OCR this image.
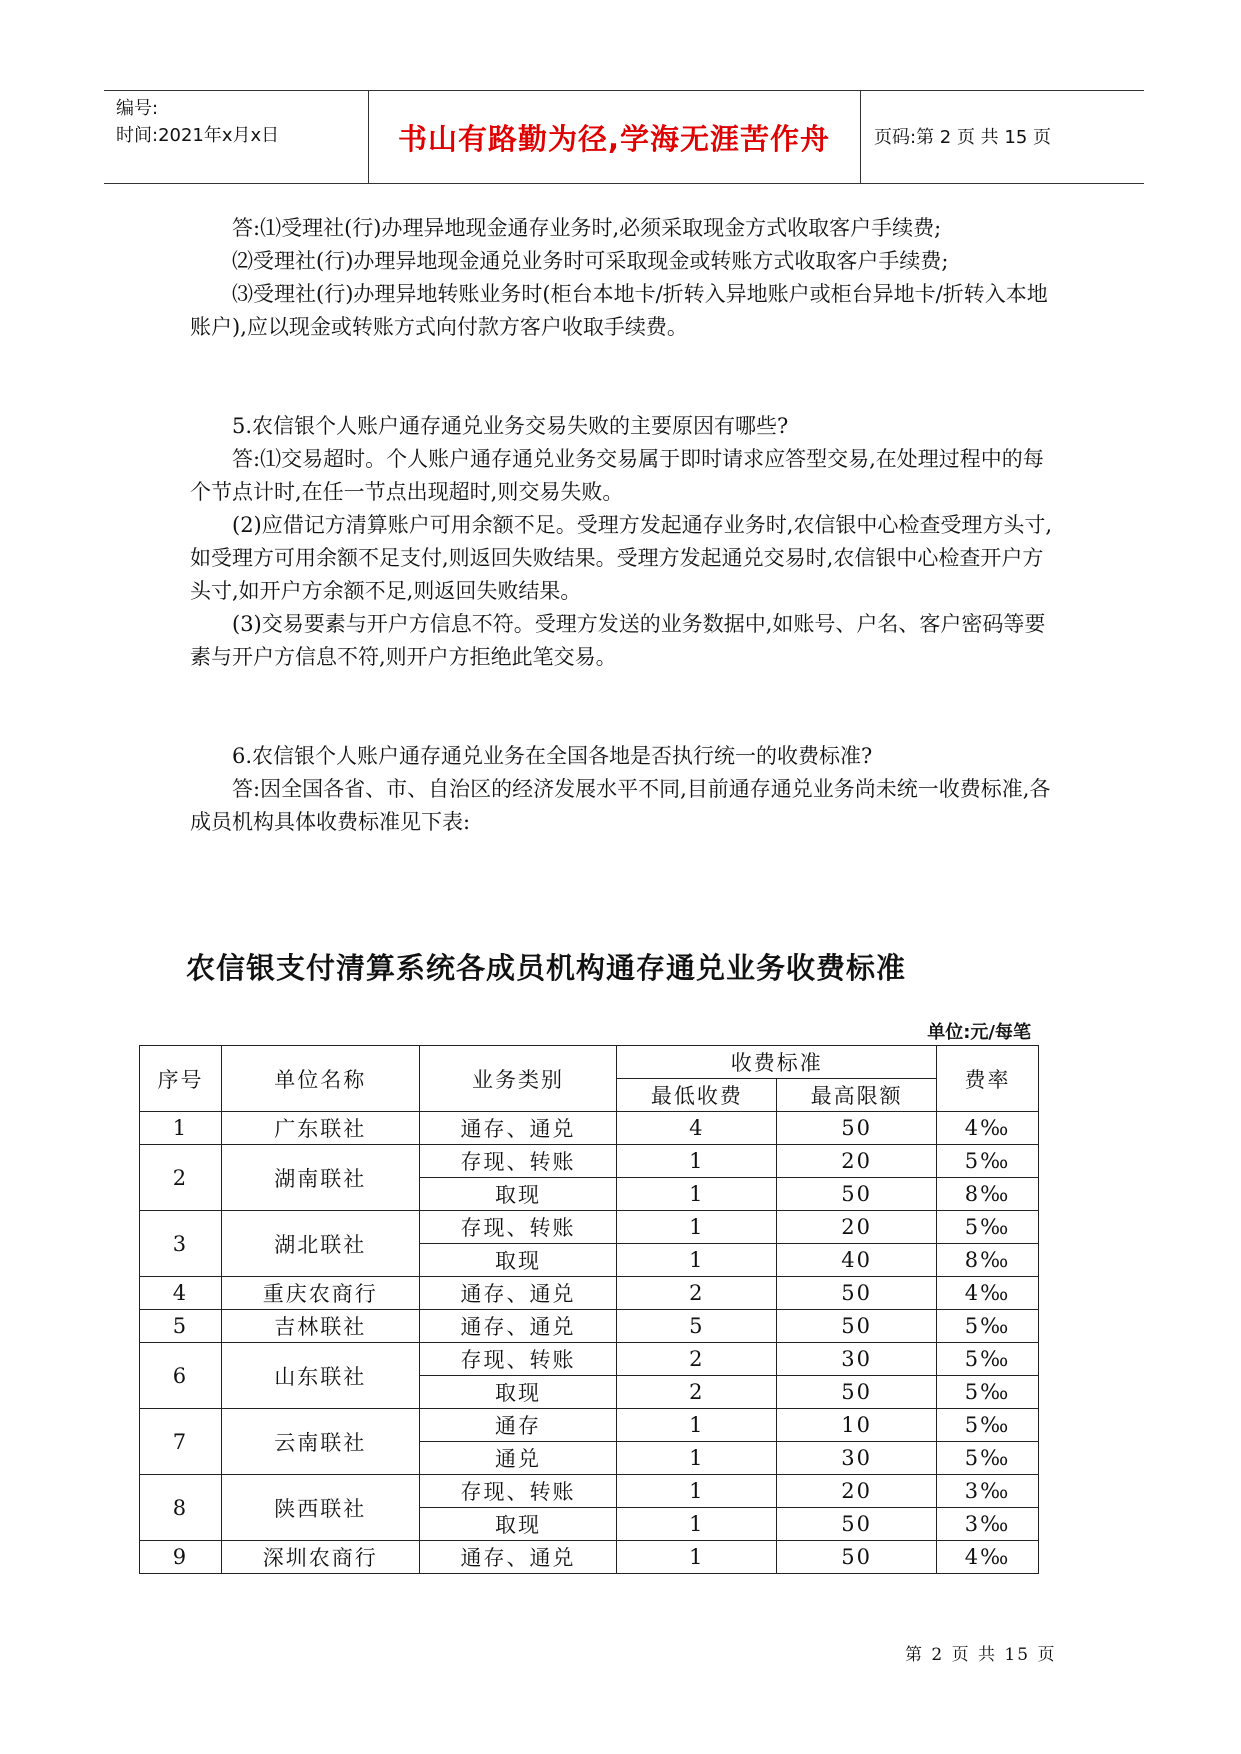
编号:
时间:2021年x月x日	书山有路勤为径,学海无涯苦作舟	页码:第 2 页 共 15 页

答:⑴受理社(行)办理异地现金通存业务时,必须采取现金方式收取客户手续费;

⑵受理社(行)办理异地现金通兑业务时可采取现金或转账方式收取客户手续费;

⑶受理社(行)办理异地转账业务时(柜台本地卡/折转入异地账户或柜台异地卡/折转入本地账户),应以现金或转账方式向付款方客户收取手续费。

5.农信银个人账户通存通兑业务交易失败的主要原因有哪些?

答:⑴交易超时。个人账户通存通兑业务交易属于即时请求应答型交易,在处理过程中的每个节点计时,在任一节点出现超时,则交易失败。

(2)应借记方清算账户可用余额不足。受理方发起通存业务时,农信银中心检查受理方头寸,如受理方可用余额不足支付,则返回失败结果。受理方发起通兑交易时,农信银中心检查开户方头寸,如开户方余额不足,则返回失败结果。

(3)交易要素与开户方信息不符。受理方发送的业务数据中,如账号、户名、客户密码等要素与开户方信息不符,则开户方拒绝此笔交易。

6.农信银个人账户通存通兑业务在全国各地是否执行统一的收费标准?

答:因全国各省、市、自治区的经济发展水平不同,目前通存通兑业务尚未统一收费标准,各成员机构具体收费标准见下表:

农信银支付清算系统各成员机构通存通兑业务收费标准
单位:元/每笔
序号	单位名称	业务类别	收费标准		费率
			最低收费	最高限额	
1	广东联社	通存、通兑	4	50	4‰
2	湖南联社	存现、转账	1	20	5‰
		取现	1	50	8‰
3	湖北联社	存现、转账	1	20	5‰
		取现	1	40	8‰
4	重庆农商行	通存、通兑	2	50	4‰
5	吉林联社	通存、通兑	5	50	5‰
6	山东联社	存现、转账	2	30	5‰
		取现	2	50	5‰
7	云南联社	通存	1	10	5‰
		通兑	1	30	5‰
8	陕西联社	存现、转账	1	20	3‰
		取现	1	50	3‰
9	深圳农商行	通存、通兑	1	50	4‰
第 2 页 共 15 页
